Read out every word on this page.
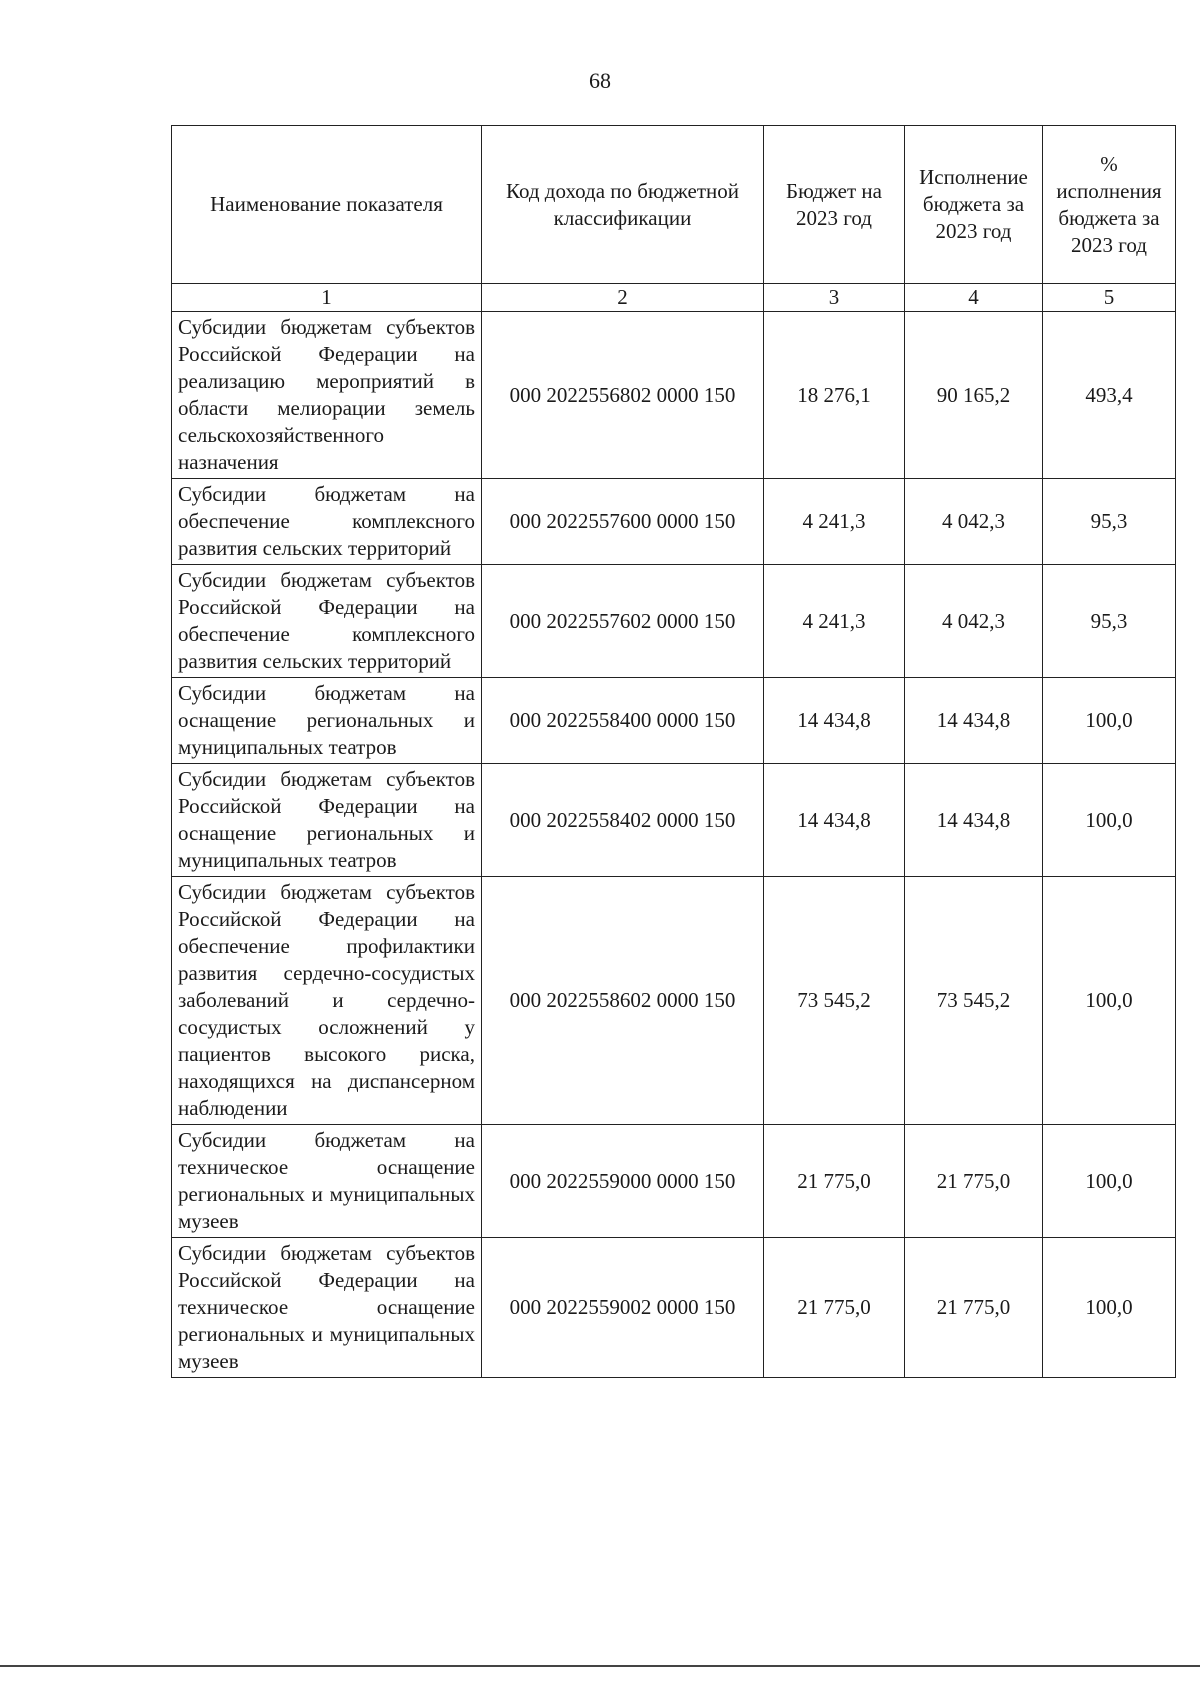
68
Наименование показателя	Код дохода по бюджетной классификации	Бюджет на 2023 год	Исполнение бюджета за 2023 год	% исполнения бюджета за 2023 год
1	2	3	4	5
Субсидии бюджетам субъектов Российской Федерации на реализацию мероприятий в области мелиорации земель сельскохозяйственного назначения	000 2022556802 0000 150	18 276,1	90 165,2	493,4
Субсидии бюджетам на обеспечение комплексного развития сельских территорий	000 2022557600 0000 150	4 241,3	4 042,3	95,3
Субсидии бюджетам субъектов Российской Федерации на обеспечение комплексного развития сельских территорий	000 2022557602 0000 150	4 241,3	4 042,3	95,3
Субсидии бюджетам на оснащение региональных и муниципальных театров	000 2022558400 0000 150	14 434,8	14 434,8	100,0
Субсидии бюджетам субъектов Российской Федерации на оснащение региональных и муниципальных театров	000 2022558402 0000 150	14 434,8	14 434,8	100,0
Субсидии бюджетам субъектов Российской Федерации на обеспечение профилактики развития сердечно-сосудистых заболеваний и сердечно-сосудистых осложнений у пациентов высокого риска, находящихся на диспансерном наблюдении	000 2022558602 0000 150	73 545,2	73 545,2	100,0
Субсидии бюджетам на техническое оснащение региональных и муниципальных музеев	000 2022559000 0000 150	21 775,0	21 775,0	100,0
Субсидии бюджетам субъектов Российской Федерации на техническое оснащение региональных и муниципальных музеев	000 2022559002 0000 150	21 775,0	21 775,0	100,0
